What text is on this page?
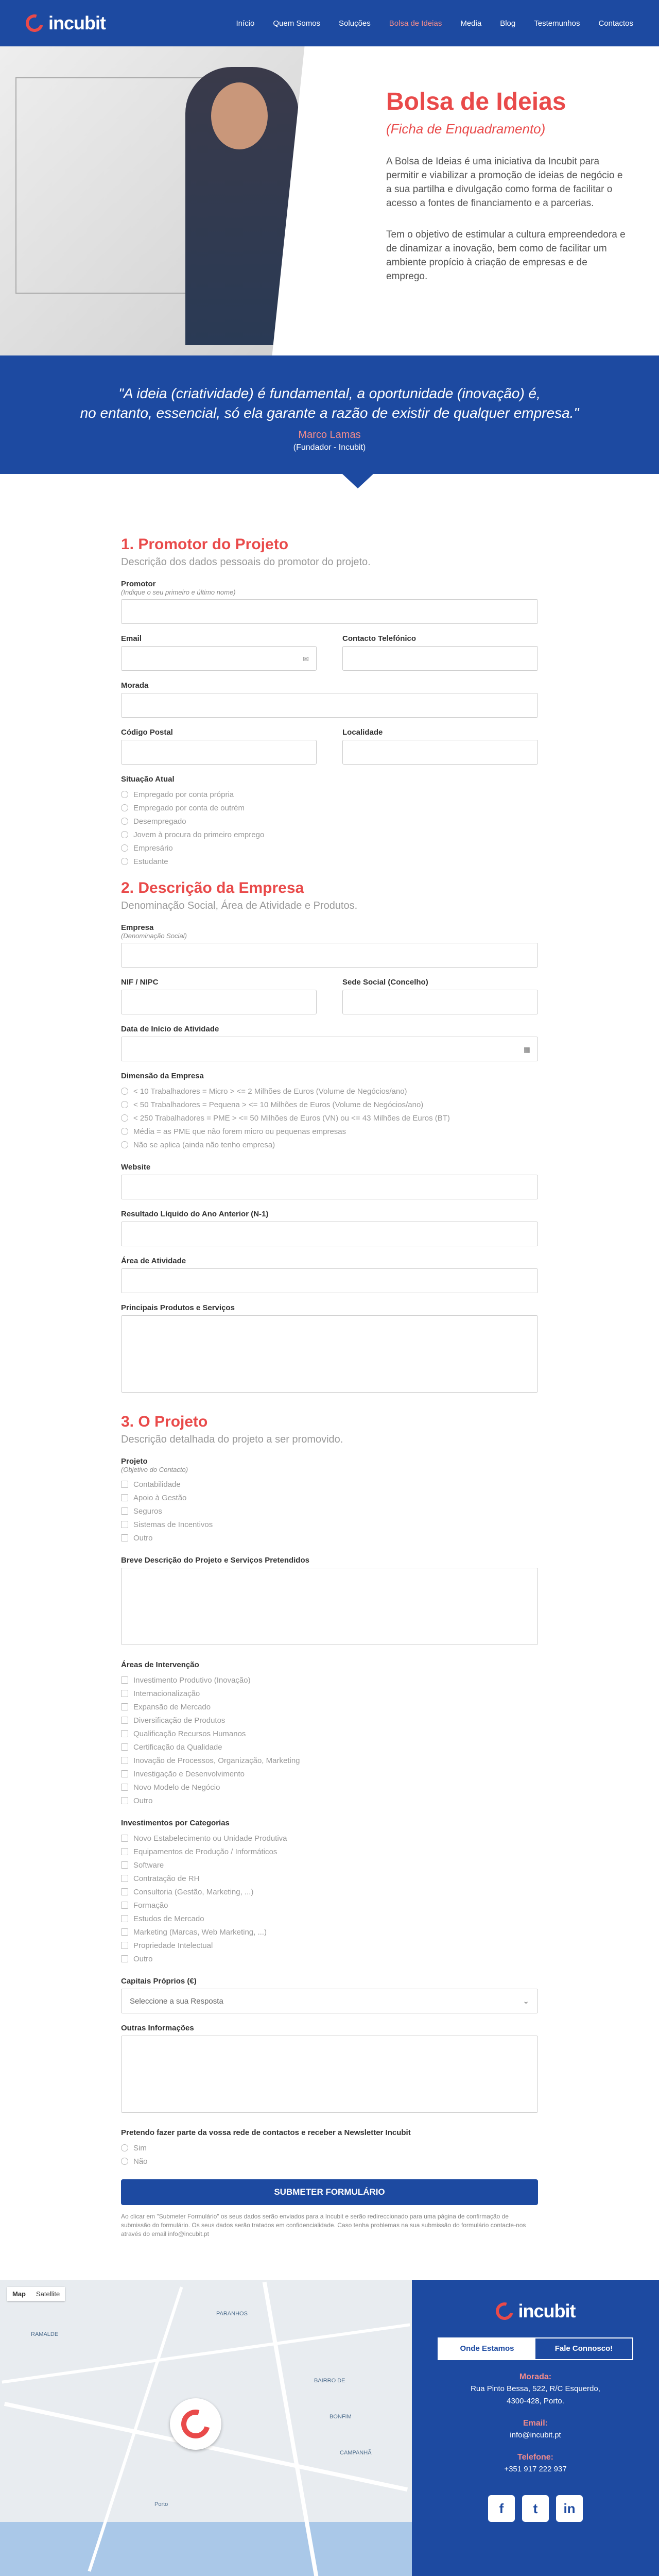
incubit	Início Quem Somos Soluções Bolsa de Ideias Media Blog Testemunhos Contactos
Bolsa de Ideias
(Ficha de Enquadramento)

A Bolsa de Ideias é uma iniciativa da Incubit para permitir e viabilizar a promoção de ideias de negócio e a sua partilha e divulgação como forma de facilitar o acesso a fontes de financiamento e a parcerias.

Tem o objetivo de estimular a cultura empreendedora e de dinamizar a inovação, bem como de facilitar um ambiente propício à criação de empresas e de emprego.

"A ideia (criatividade) é fundamental, a oportunidade (inovação) é,
no entanto, essencial, só ela garante a razão de existir de qualquer empresa."
Marco Lamas
(Fundador - Incubit)
1. Promotor do Projeto
Descrição dos dados pessoais do promotor do projeto.
Promotor
(Indique o seu primeiro e último nome)
Email
✉
Contacto Telefónico
Morada
Código Postal	Localidade
Situação Atual
Empregado por conta própria
Empregado por conta de outrém
Desempregado
Jovem à procura do primeiro emprego
Empresário
Estudante
2. Descrição da Empresa
Denominação Social, Área de Atividade e Produtos.
Empresa
(Denominação Social)
NIF / NIPC	Sede Social (Concelho)
Data de Início de Atividade
▦
Dimensão da Empresa
< 10 Trabalhadores = Micro > <= 2 Milhões de Euros (Volume de Negócios/ano)
< 50 Trabalhadores = Pequena > <= 10 Milhões de Euros (Volume de Negócios/ano)
< 250 Trabalhadores = PME > <= 50 Milhões de Euros (VN) ou <= 43 Milhões de Euros (BT)
Média = as PME que não forem micro ou pequenas empresas
Não se aplica (ainda não tenho empresa)
Website
Resultado Líquido do Ano Anterior (N-1)
Área de Atividade
Principais Produtos e Serviços
3. O Projeto
Descrição detalhada do projeto a ser promovido.
Projeto
(Objetivo do Contacto)
Contabilidade
Apoio à Gestão
Seguros
Sistemas de Incentivos
Outro
Breve Descrição do Projeto e Serviços Pretendidos
Áreas de Intervenção
Investimento Produtivo (Inovação)
Internacionalização
Expansão de Mercado
Diversificação de Produtos
Qualificação Recursos Humanos
Certificação da Qualidade
Inovação de Processos, Organização, Marketing
Investigação e Desenvolvimento
Novo Modelo de Negócio
Outro
Investimentos por Categorias
Novo Estabelecimento ou Unidade Produtiva
Equipamentos de Produção / Informáticos
Software
Contratação de RH
Consultoria (Gestão, Marketing, ...)
Formação
Estudos de Mercado
Marketing (Marcas, Web Marketing, ...)
Propriedade Intelectual
Outro
Capitais Próprios (€)
Seleccione a sua Resposta	⌄
Outras Informações
Pretendo fazer parte da vossa rede de contactos e receber a Newsletter Incubit
Sim
Não
SUBMETER FORMULÁRIO

Ao clicar em "Submeter Formulário" os seus dados serão enviados para a Incubit e serão redireccionado para uma página de confirmação de submissão do formulário. Os seus dados serão tratados em confidencialidade. Caso tenha problemas na sua submissão do formulário contacte-nos através do email info@incubit.pt

Map	Satellite
BAIRRO DE
BONFIM
CAMPANHÃ
RAMALDE
PARANHOS
Porto
incubit
Onde Estamos	Fale Connosco!
Morada:
Rua Pinto Bessa, 522, R/C Esquerdo,
4300-428, Porto.
Email:
info@incubit.pt
Telefone:
+351 917 222 937
f	t	in
